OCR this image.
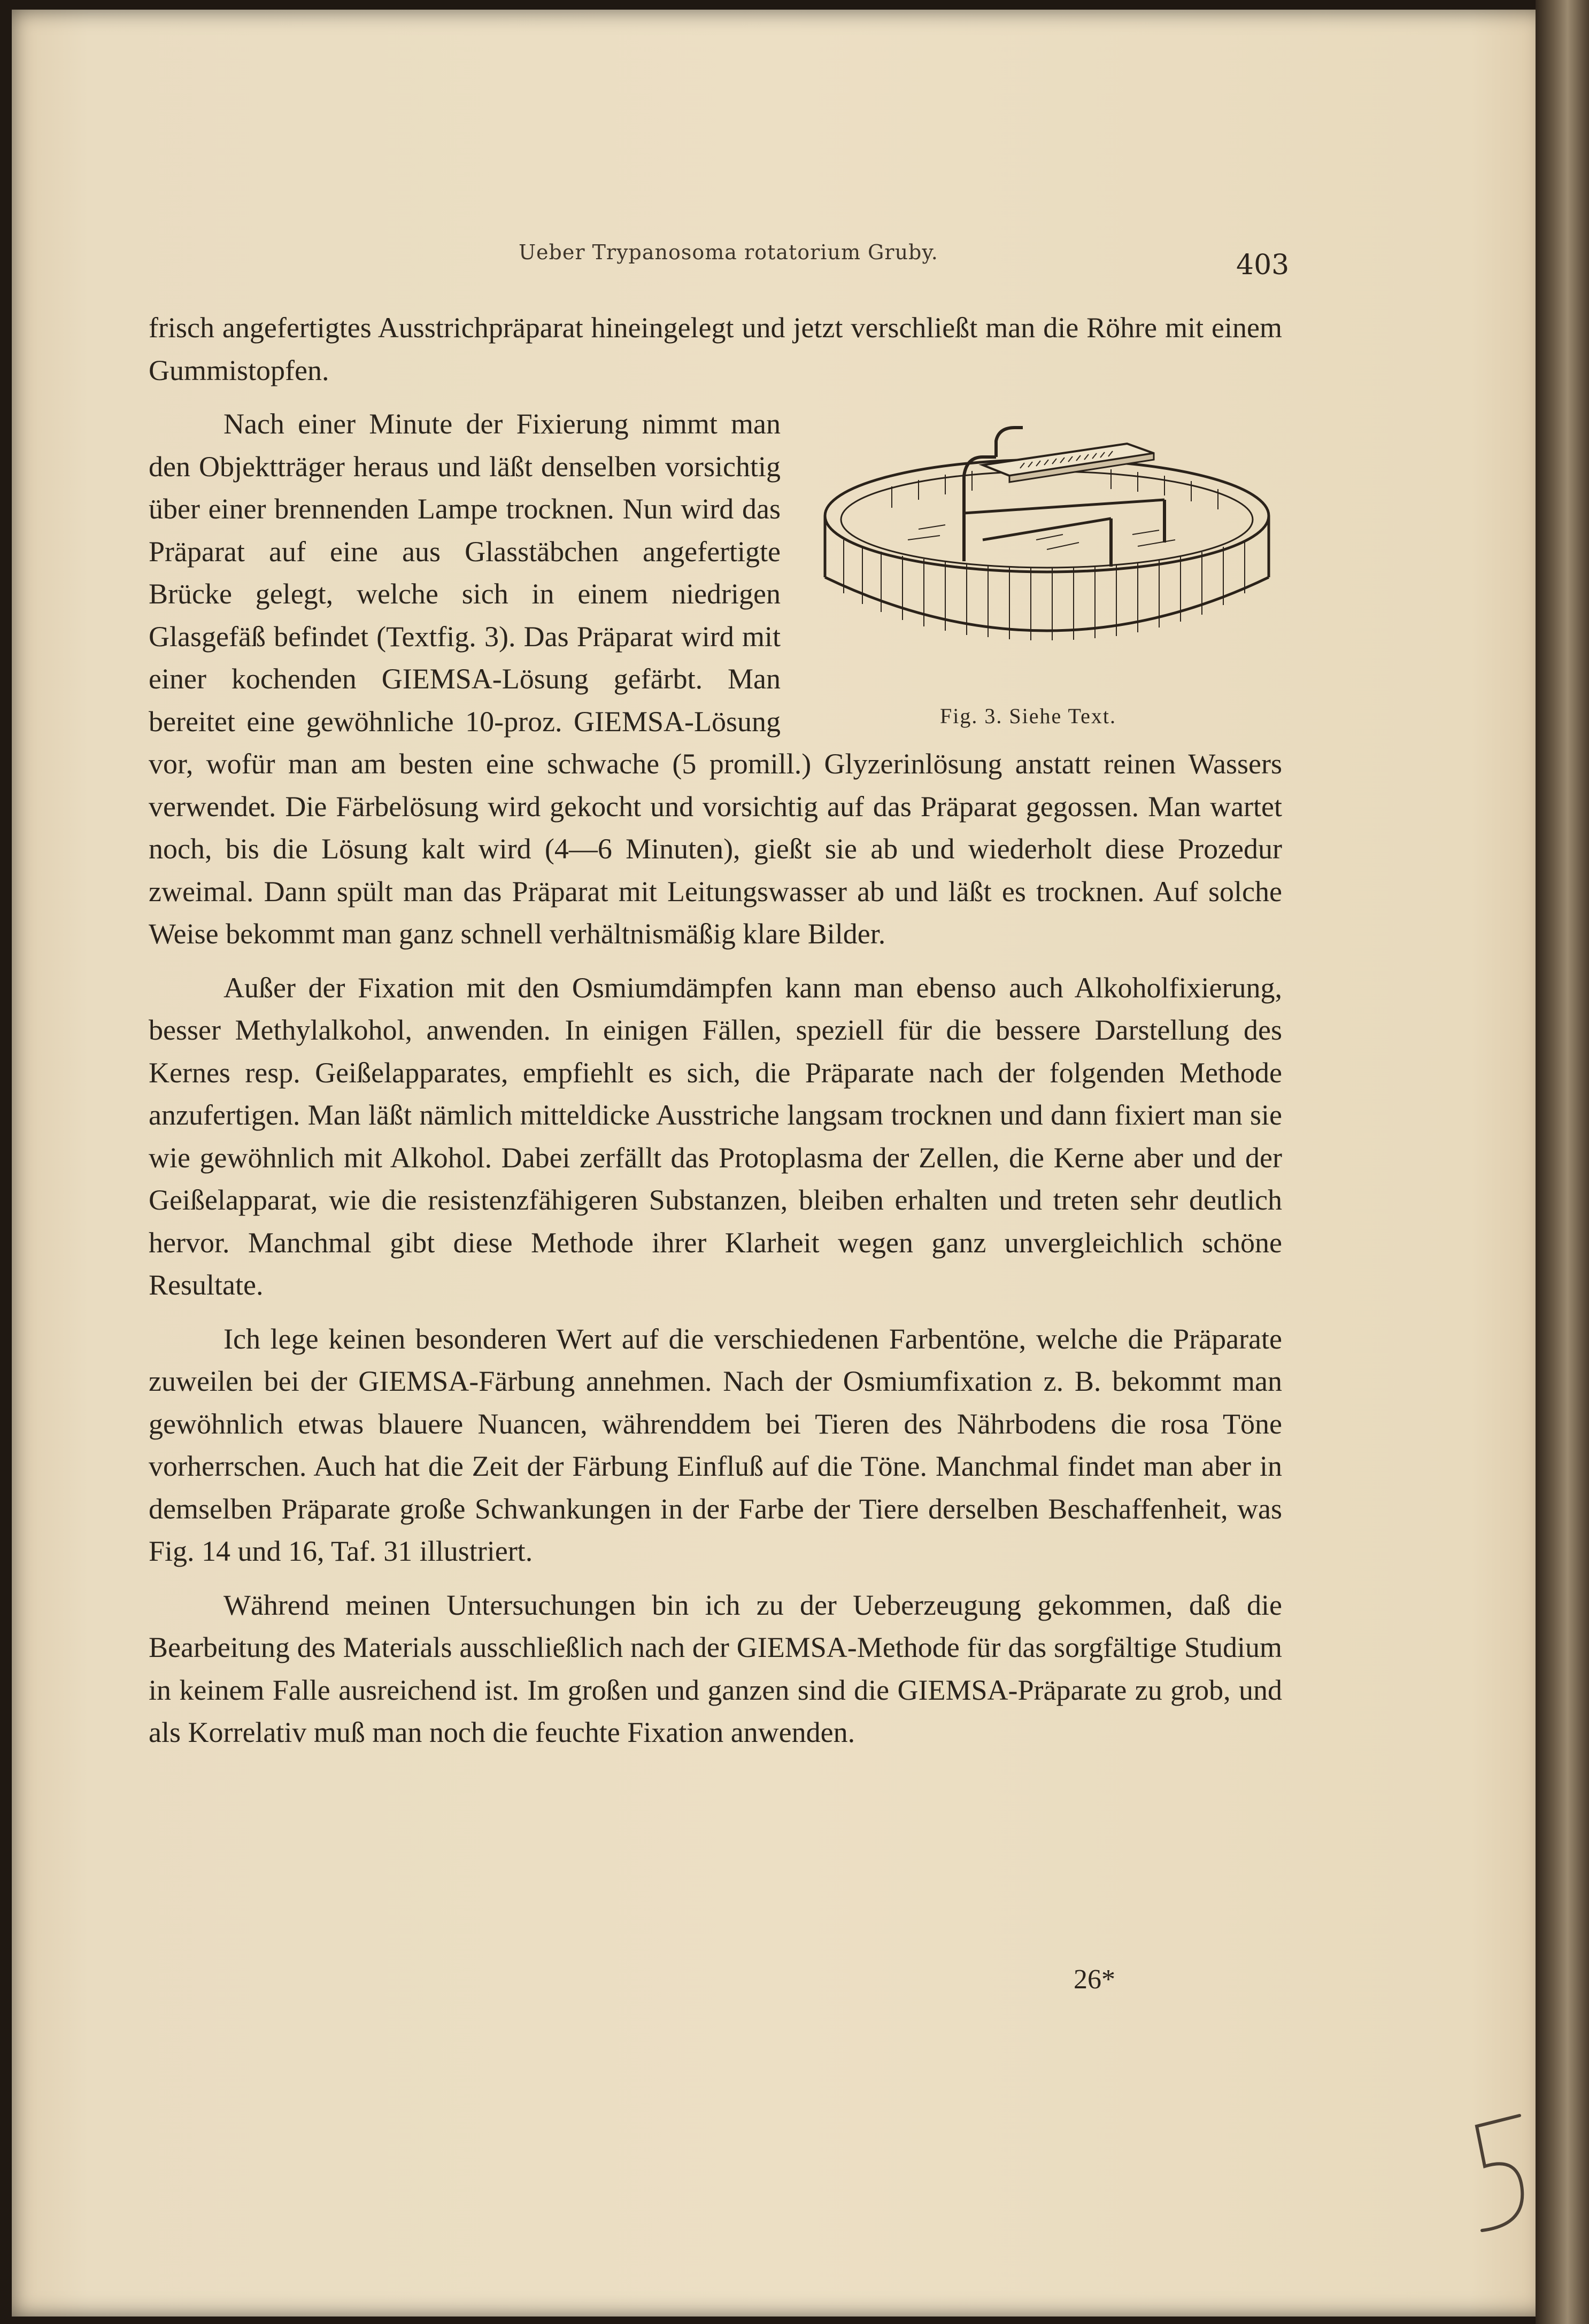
Ueber Trypanosoma rotatorium Gruby.	403

frisch angefertigtes Ausstrichpräparat hineingelegt und jetzt verschließt man die Röhre mit einem Gummistopfen.

Fig. 3. Siehe Text.

Nach einer Minute der Fixierung nimmt man den Objektträger heraus und läßt denselben vorsichtig über einer brennenden Lampe trocknen. Nun wird das Präparat auf eine aus Glasstäbchen angefertigte Brücke gelegt, welche sich in einem niedrigen Glasgefäß befindet (Textfig. 3). Das Präparat wird mit einer kochenden GIEMSA-Lösung gefärbt. Man bereitet eine gewöhnliche 10-proz. GIEMSA-Lösung vor, wofür man am besten eine schwache (5 promill.) Glyzerinlösung anstatt reinen Wassers verwendet. Die Färbelösung wird gekocht und vorsichtig auf das Präparat gegossen. Man wartet noch, bis die Lösung kalt wird (4—6 Minuten), gießt sie ab und wiederholt diese Prozedur zweimal. Dann spült man das Präparat mit Leitungswasser ab und läßt es trocknen. Auf solche Weise bekommt man ganz schnell verhältnismäßig klare Bilder.

Außer der Fixation mit den Osmiumdämpfen kann man ebenso auch Alkoholfixierung, besser Methylalkohol, anwenden. In einigen Fällen, speziell für die bessere Darstellung des Kernes resp. Geißelapparates, empfiehlt es sich, die Präparate nach der folgenden Methode anzufertigen. Man läßt nämlich mitteldicke Ausstriche langsam trocknen und dann fixiert man sie wie gewöhnlich mit Alkohol. Dabei zerfällt das Protoplasma der Zellen, die Kerne aber und der Geißelapparat, wie die resistenzfähigeren Substanzen, bleiben erhalten und treten sehr deutlich hervor. Manchmal gibt diese Methode ihrer Klarheit wegen ganz unvergleichlich schöne Resultate.

Ich lege keinen besonderen Wert auf die verschiedenen Farbentöne, welche die Präparate zuweilen bei der GIEMSA-Färbung annehmen. Nach der Osmiumfixation z. B. bekommt man gewöhnlich etwas blauere Nuancen, währenddem bei Tieren des Nährbodens die rosa Töne vorherrschen. Auch hat die Zeit der Färbung Einfluß auf die Töne. Manchmal findet man aber in demselben Präparate große Schwankungen in der Farbe der Tiere derselben Beschaffenheit, was Fig. 14 und 16, Taf. 31 illustriert.

Während meinen Untersuchungen bin ich zu der Ueberzeugung gekommen, daß die Bearbeitung des Materials ausschließlich nach der GIEMSA-Methode für das sorgfältige Studium in keinem Falle ausreichend ist. Im großen und ganzen sind die GIEMSA-Präparate zu grob, und als Korrelativ muß man noch die feuchte Fixation anwenden.

26*
